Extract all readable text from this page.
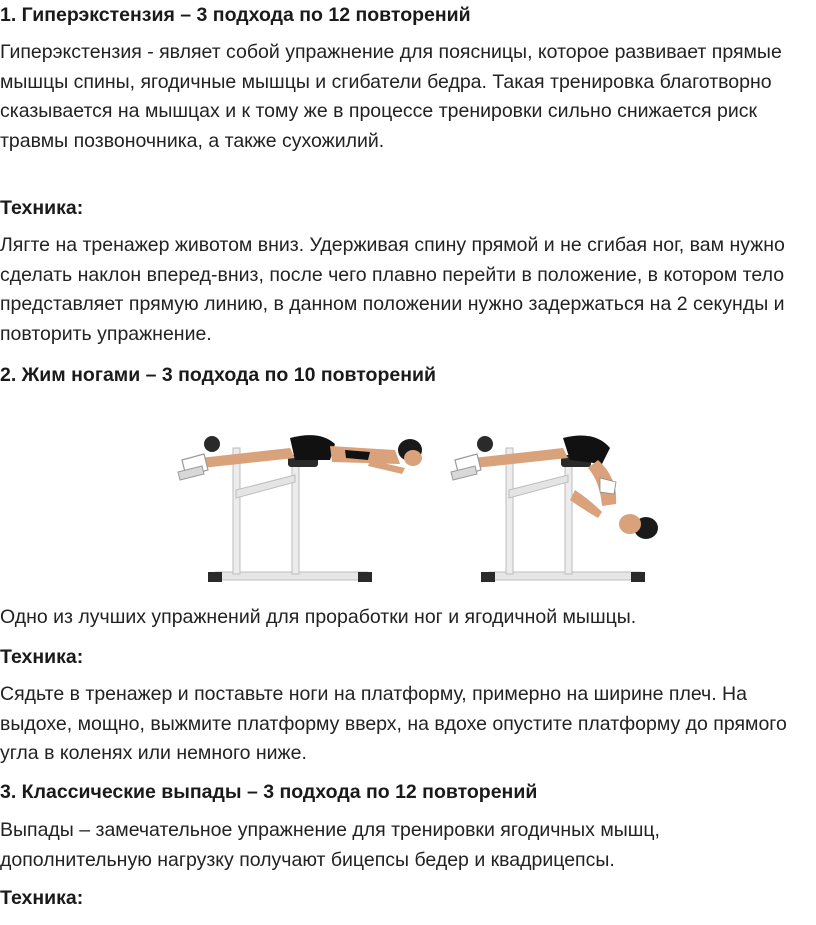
1. Гиперэкстензия – 3 подхода по 12 повторений
Гиперэкстензия - являет собой упражнение для поясницы, которое развивает прямые мышцы спины, ягодичные мышцы и сгибатели бедра. Такая тренировка благотворно сказывается на мышцах и к тому же в процессе тренировки сильно снижается риск травмы позвоночника, а также сухожилий.
Техника:
Лягте на тренажер животом вниз. Удерживая спину прямой и не сгибая ног, вам нужно сделать наклон вперед-вниз, после чего плавно перейти в положение, в котором тело представляет прямую линию, в данном положении нужно задержаться на 2 секунды и повторить упражнение.
2. Жим ногами – 3 подхода по 10 повторений
Одно из лучших упражнений для проработки ног и ягодичной мышцы.
Техника:
Сядьте в тренажер и поставьте ноги на платформу, примерно на ширине плеч. На выдохе, мощно, выжмите платформу вверх, на вдохе опустите платформу до прямого угла в коленях или немного ниже.
3. Классические выпады – 3 подхода по 12 повторений
Выпады – замечательное упражнение для тренировки ягодичных мышц, дополнительную нагрузку получают бицепсы бедер и квадрицепсы.
Техника:
